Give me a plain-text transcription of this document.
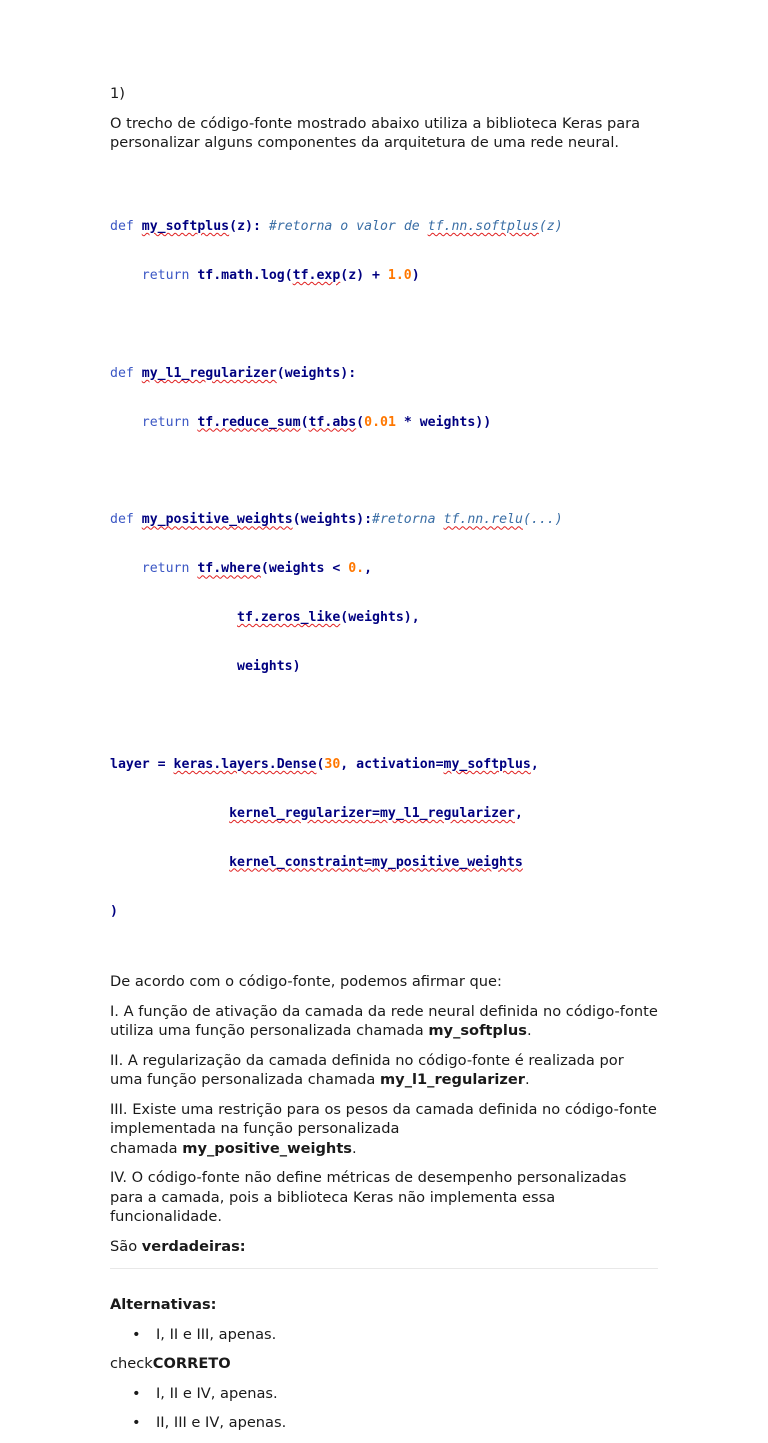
1)

O trecho de código-fonte mostrado abaixo utiliza a biblioteca Keras para personalizar alguns componentes da arquitetura de uma rede neural.

def my_softplus(z): #retorna o valor de tf.nn.softplus(z)

return tf.math.log(tf.exp(z) + 1.0)

def my_l1_regularizer(weights):

return tf.reduce_sum(tf.abs(0.01 * weights))

def my_positive_weights(weights):#retorna tf.nn.relu(...)

return tf.where(weights < 0.,

tf.zeros_like(weights),

weights)

layer = keras.layers.Dense(30, activation=my_softplus,

kernel_regularizer=my_l1_regularizer,

kernel_constraint=my_positive_weights

)

De acordo com o código-fonte, podemos afirmar que:

I. A função de ativação da camada da rede neural definida no código-fonte utiliza uma função personalizada chamada my_softplus.

II. A regularização da camada definida no código-fonte é realizada por uma função personalizada chamada my_l1_regularizer.

III. Existe uma restrição para os pesos da camada definida no código-fonte implementada na função personalizada
chamada my_positive_weights.

IV. O código-fonte não define métricas de desempenho personalizadas para a camada, pois a biblioteca Keras não implementa essa funcionalidade.

São verdadeiras:

Alternativas:

• I, II e III, apenas.

checkCORRETO

• I, II e IV, apenas.
• II, III e IV, apenas.
